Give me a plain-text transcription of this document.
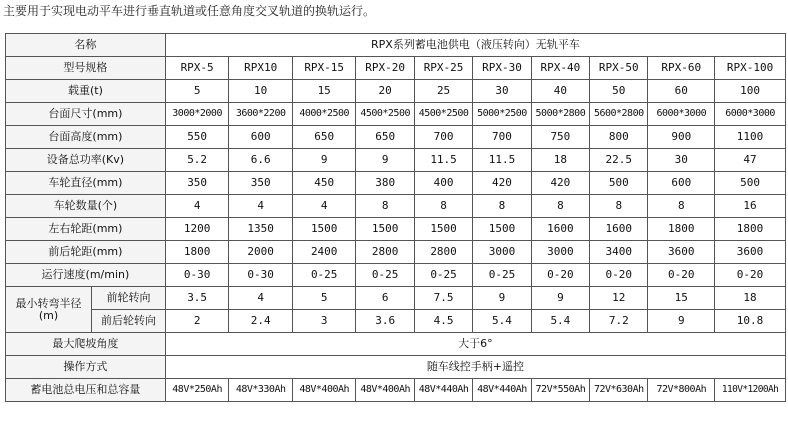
主要用于实现电动平车进行垂直轨道或任意角度交叉轨道的换轨运行。
名称		RPX系列蓄电池供电（液压转向）无轨平车									
型号规格		RPX-5	RPX10	RPX-15	RPX-20	RPX-25	RPX-30	RPX-40	RPX-50	RPX-60	RPX-100
载重(t)		5	10	15	20	25	30	40	50	60	100
台面尺寸(mm)		3000*2000	3600*2200	4000*2500	4500*2500	4500*2500	5000*2500	5000*2800	5600*2800	6000*3000	6000*3000
台面高度(mm)		550	600	650	650	700	700	750	800	900	1100
设备总功率(Kv)		5.2	6.6	9	9	11.5	11.5	18	22.5	30	47
车轮直径(mm)		350	350	450	380	400	420	420	500	600	500
车轮数量(个)		4	4	4	8	8	8	8	8	8	16
左右轮距(mm)		1200	1350	1500	1500	1500	1500	1600	1600	1800	1800
前后轮距(mm)		1800	2000	2400	2800	2800	3000	3000	3400	3600	3600
运行速度(m/min)		0-30	0-30	0-25	0-25	0-25	0-25	0-20	0-20	0-20	0-20
最小转弯半径(m)	前轮转向	3.5	4	5	6	7.5	9	9	12	15	18
	前后轮转向	2	2.4	3	3.6	4.5	5.4	5.4	7.2	9	10.8
最大爬坡角度		大于6°									
操作方式		随车线控手柄+遥控									
蓄电池总电压和总容量		48V*250Ah	48V*330Ah	48V*400Ah	48V*400Ah	48V*440Ah	48V*440Ah	72V*550Ah	72V*630Ah	72V*800Ah	110V*1200Ah
